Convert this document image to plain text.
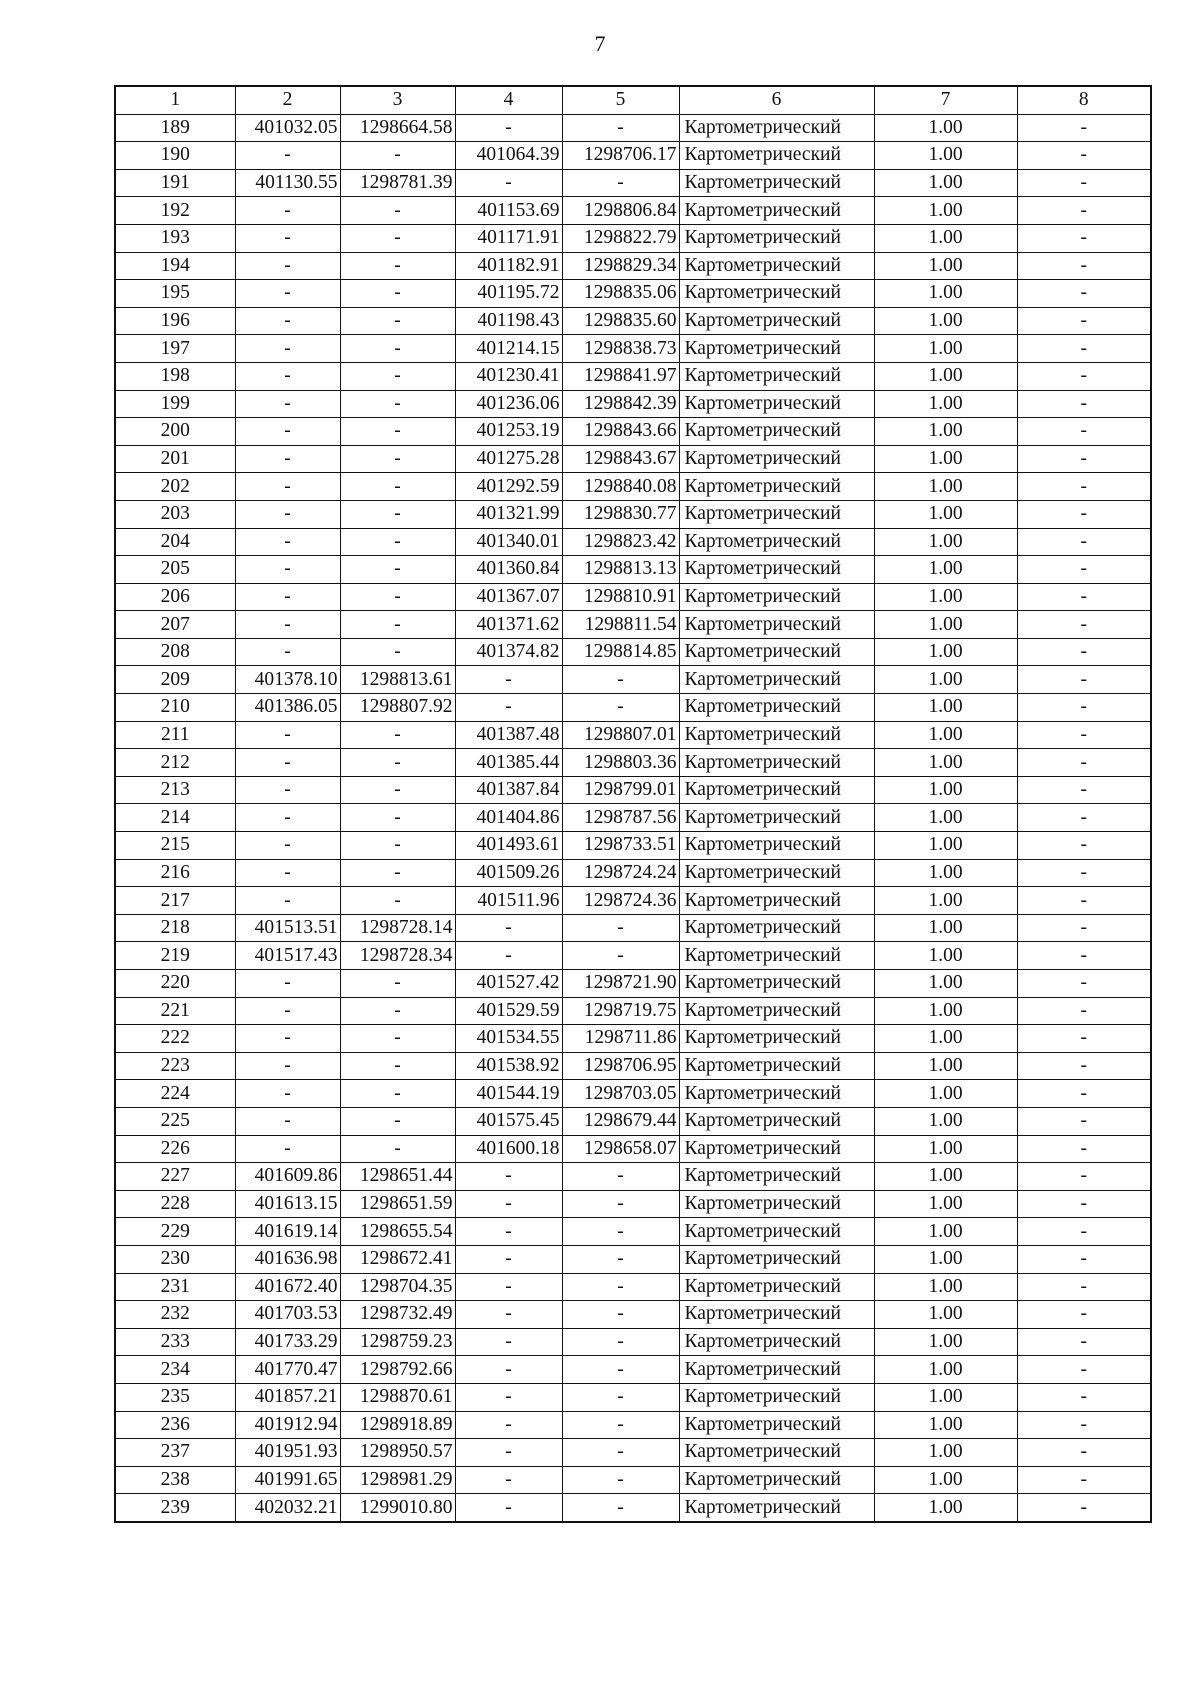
7
1	2	3	4	5	6	7	8
189	401032.05	1298664.58	-	-	Картометрический	1.00	-
190	-	-	401064.39	1298706.17	Картометрический	1.00	-
191	401130.55	1298781.39	-	-	Картометрический	1.00	-
192	-	-	401153.69	1298806.84	Картометрический	1.00	-
193	-	-	401171.91	1298822.79	Картометрический	1.00	-
194	-	-	401182.91	1298829.34	Картометрический	1.00	-
195	-	-	401195.72	1298835.06	Картометрический	1.00	-
196	-	-	401198.43	1298835.60	Картометрический	1.00	-
197	-	-	401214.15	1298838.73	Картометрический	1.00	-
198	-	-	401230.41	1298841.97	Картометрический	1.00	-
199	-	-	401236.06	1298842.39	Картометрический	1.00	-
200	-	-	401253.19	1298843.66	Картометрический	1.00	-
201	-	-	401275.28	1298843.67	Картометрический	1.00	-
202	-	-	401292.59	1298840.08	Картометрический	1.00	-
203	-	-	401321.99	1298830.77	Картометрический	1.00	-
204	-	-	401340.01	1298823.42	Картометрический	1.00	-
205	-	-	401360.84	1298813.13	Картометрический	1.00	-
206	-	-	401367.07	1298810.91	Картометрический	1.00	-
207	-	-	401371.62	1298811.54	Картометрический	1.00	-
208	-	-	401374.82	1298814.85	Картометрический	1.00	-
209	401378.10	1298813.61	-	-	Картометрический	1.00	-
210	401386.05	1298807.92	-	-	Картометрический	1.00	-
211	-	-	401387.48	1298807.01	Картометрический	1.00	-
212	-	-	401385.44	1298803.36	Картометрический	1.00	-
213	-	-	401387.84	1298799.01	Картометрический	1.00	-
214	-	-	401404.86	1298787.56	Картометрический	1.00	-
215	-	-	401493.61	1298733.51	Картометрический	1.00	-
216	-	-	401509.26	1298724.24	Картометрический	1.00	-
217	-	-	401511.96	1298724.36	Картометрический	1.00	-
218	401513.51	1298728.14	-	-	Картометрический	1.00	-
219	401517.43	1298728.34	-	-	Картометрический	1.00	-
220	-	-	401527.42	1298721.90	Картометрический	1.00	-
221	-	-	401529.59	1298719.75	Картометрический	1.00	-
222	-	-	401534.55	1298711.86	Картометрический	1.00	-
223	-	-	401538.92	1298706.95	Картометрический	1.00	-
224	-	-	401544.19	1298703.05	Картометрический	1.00	-
225	-	-	401575.45	1298679.44	Картометрический	1.00	-
226	-	-	401600.18	1298658.07	Картометрический	1.00	-
227	401609.86	1298651.44	-	-	Картометрический	1.00	-
228	401613.15	1298651.59	-	-	Картометрический	1.00	-
229	401619.14	1298655.54	-	-	Картометрический	1.00	-
230	401636.98	1298672.41	-	-	Картометрический	1.00	-
231	401672.40	1298704.35	-	-	Картометрический	1.00	-
232	401703.53	1298732.49	-	-	Картометрический	1.00	-
233	401733.29	1298759.23	-	-	Картометрический	1.00	-
234	401770.47	1298792.66	-	-	Картометрический	1.00	-
235	401857.21	1298870.61	-	-	Картометрический	1.00	-
236	401912.94	1298918.89	-	-	Картометрический	1.00	-
237	401951.93	1298950.57	-	-	Картометрический	1.00	-
238	401991.65	1298981.29	-	-	Картометрический	1.00	-
239	402032.21	1299010.80	-	-	Картометрический	1.00	-
